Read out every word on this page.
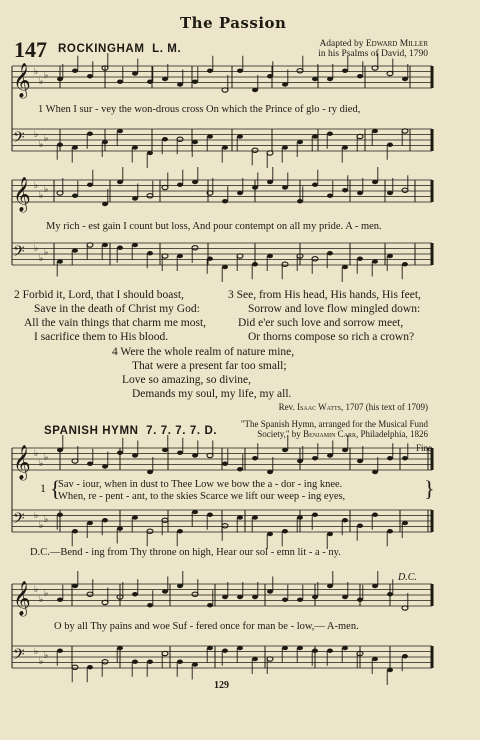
The Passion
147 ROCKINGHAM L. M.	Adapted by Edward Miller
in his Psalms of David, 1790
𝄞 ♭
♭
♭
𝄢 ♭
♭
♭
𝄞 ♭
♭
♭
𝄢 ♭
♭
♭
𝄞 ♭
♭
♭
𝄢 ♭
♭
♭
𝄞 ♭
♭
♭
𝄢 ♭
♭
♭
1 When I sur - vey the won-drous cross On which the Prince of glo - ry died,
My rich - est gain I count but loss, And pour contempt on all my pride. A - men.
2 Forbid it, Lord, that I should boast,
Save in the death of Christ my God:
All the vain things that charm me most,
I sacrifice them to His blood.
3 See, from His head, His hands, His feet,
Sorrow and love flow mingled down:
Did e'er such love and sorrow meet,
Or thorns compose so rich a crown?
4 Were the whole realm of nature mine,
That were a present far too small;
Love so amazing, so divine,
Demands my soul, my life, my all.
Rev. Isaac Watts, 1707 (his text of 1709)
SPANISH HYMN 7. 7. 7. 7. D.
"The Spanish Hymn, arranged for the Musical Fund
Society," by Benjamin Carr, Philadelphia, 1826
Fine
1 {
Sav - iour, when in dust to Thee Low we bow the a - dor - ing knee.
When, re - pent - ant, to the skies Scarce we lift our weep - ing eyes,	}
D.C.—Bend - ing from Thy throne on high, Hear our sol - emn lit - a - ny.
D.C.
O by all Thy pains and woe Suf - fered once for man be - low,— A-men.
129
